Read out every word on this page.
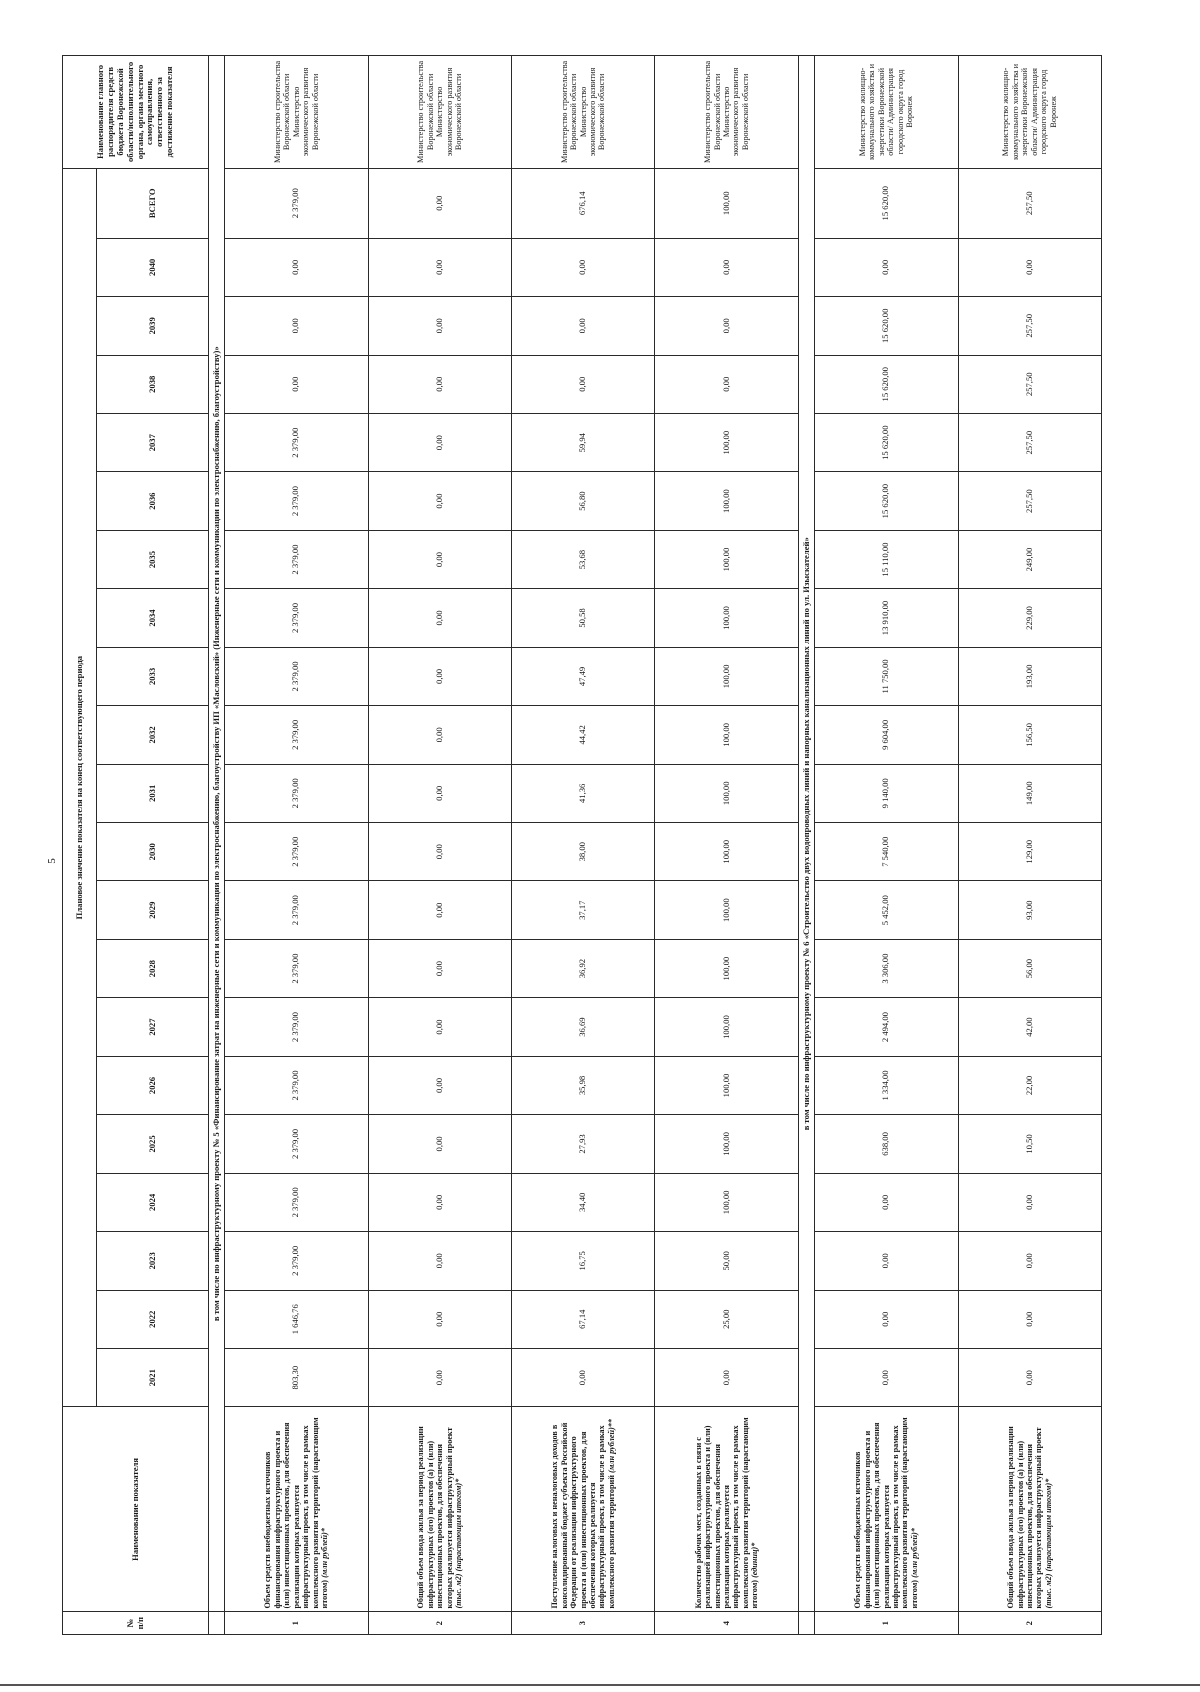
5
№ п/п	Наименование показателя	Плановое значение показателя на конец соответствующего периода																					Наименование главного распорядителя средств бюджета Воронежской области/исполнительного органа, органа местного самоуправления, ответственного за достижение показателя
		2021	2022	2023	2024	2025	2026	2027	2028	2029	2030	2031	2032	2033	2034	2035	2036	2037	2038	2039	2040	ВСЕГО	
	в том числе по инфраструктурному проекту № 5 «Финансирование затрат на инженерные сети и коммуникации по электроснабжению, благоустройству ИП «Масловский» (Инженерные сети и коммуникации по электроснабжению, благоустройству)»																						
1	Объем средств внебюджетных источников финансирования инфраструктурного проекта и (или) инвестиционных проектов, для обеспечения реализации которых реализуется инфраструктурный проект, в том числе в рамках комплексного развития территорий (нарастающим итогом) (млн рублей)*	803,30	1 646,76	2 379,00	2 379,00	2 379,00	2 379,00	2 379,00	2 379,00	2 379,00	2 379,00	2 379,00	2 379,00	2 379,00	2 379,00	2 379,00	2 379,00	2 379,00	0,00	0,00	0,00	2 379,00	Министерство строительства Воронежской области Министерство экономического развития Воронежской области
2	Общий объем ввода жилья за период реализации инфраструктурных (ого) проектов (а) и (или) инвестиционных проектов, для обеспечения которых реализуется инфраструктурный проект (тыс. м2) (нарастающим итогом)*	0,00	0,00	0,00	0,00	0,00	0,00	0,00	0,00	0,00	0,00	0,00	0,00	0,00	0,00	0,00	0,00	0,00	0,00	0,00	0,00	0,00	Министерство строительства Воронежской области Министерство экономического развития Воронежской области
3	Поступление налоговых и неналоговых доходов в консолидированный бюджет субъекта Российской Федерации от реализации инфраструктурного проекта и (или) инвестиционных проектов, для обеспечения которых реализуется инфраструктурный проект, в том числе в рамках комплексного развития территорий (млн рублей)**	0,00	67,14	16,75	34,40	27,93	35,98	36,69	36,92	37,17	38,00	41,36	44,42	47,49	50,58	53,68	56,80	59,94	0,00	0,00	0,00	676,14	Министерство строительства Воронежской области Министерство экономического развития Воронежской области
4	Количество рабочих мест, созданных в связи с реализацией инфраструктурного проекта и (или) инвестиционных проектов, для обеспечения реализации которых реализуется инфраструктурный проект, в том числе в рамках комплексного развития территорий (нарастающим итогом) (единиц)*	0,00	25,00	50,00	100,00	100,00	100,00	100,00	100,00	100,00	100,00	100,00	100,00	100,00	100,00	100,00	100,00	100,00	0,00	0,00	0,00	100,00	Министерство строительства Воронежской области Министерство экономического развития Воронежской области
	в том числе по инфраструктурному проекту № 6 «Строительство двух водопроводных линий и напорных канализационных линий по ул. Изыскателей»																						
1	Объем средств внебюджетных источников финансирования инфраструктурного проекта и (или) инвестиционных проектов, для обеспечения реализации которых реализуется инфраструктурный проект, в том числе в рамках комплексного развития территорий (нарастающим итогом) (млн рублей)*	0,00	0,00	0,00	0,00	638,00	1 334,00	2 494,00	3 306,00	5 452,00	7 540,00	9 140,00	9 604,00	11 750,00	13 910,00	15 110,00	15 620,00	15 620,00	15 620,00	15 620,00	0,00	15 620,00	Министерство жилищно-коммунального хозяйства и энергетики Воронежской области/ Администрация городского округа город Воронеж
2	Общий объем ввода жилья за период реализации инфраструктурных (ого) проектов (а) и (или) инвестиционных проектов, для обеспечения которых реализуется инфраструктурный проект (тыс. м2) (нарастающим итогом)*	0,00	0,00	0,00	0,00	10,50	22,00	42,00	56,00	93,00	129,00	149,00	156,50	193,00	229,00	249,00	257,50	257,50	257,50	257,50	0,00	257,50	Министерство жилищно-коммунального хозяйства и энергетики Воронежской области/ Администрация городского округа город Воронеж
